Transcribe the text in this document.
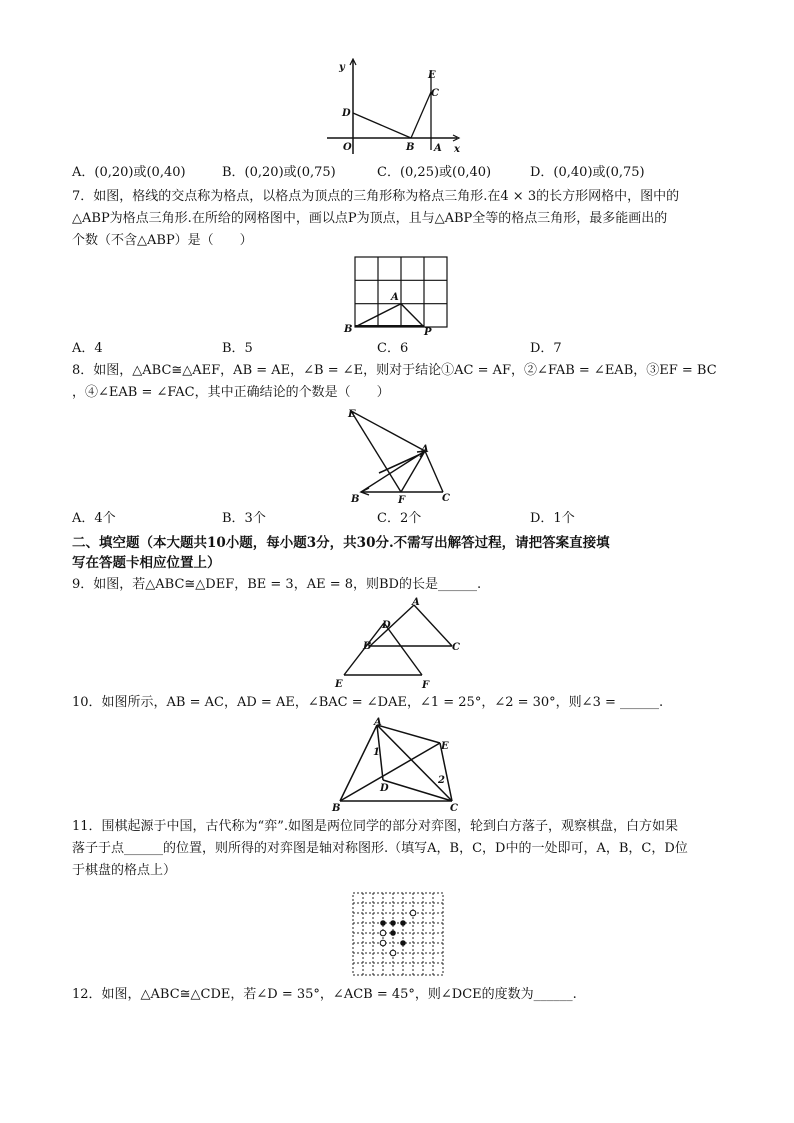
y
x
O	B A
D
E
C
A．(0,20)或(0,40)	B．(0,20)或(0,75)	C．(0,25)或(0,40)	D．(0,40)或(0,75)
7．如图，格线的交点称为格点，以格点为顶点的三角形称为格点三角形.在4 × 3的长方形网格中，图中的
△ABP为格点三角形.在所给的网格图中，画以点P为顶点，且与△ABP全等的格点三角形，最多能画出的
个数（不含△ABP）是（　　）
A
B	P
A．4	B．5	C．6	D．7
8．如图，△ABC≅△AEF，AB = AE，∠B = ∠E，则对于结论①AC = AF，②∠FAB = ∠EAB，③EF = BC
，④∠EAB = ∠FAC，其中正确结论的个数是（　　）
E
A
B	F	C
A．4个	B．3个	C．2个	D．1个
二、填空题（本大题共10小题，每小题3分，共30分.不需写出解答过程，请把答案直接填
写在答题卡相应位置上）
9．如图，若△ABC≅△DEF，BE = 3，AE = 8，则BD的长是______.
A
D
B	C
E	F
10．如图所示，AB = AC，AD = AE，∠BAC = ∠DAE，∠1 = 25°，∠2 = 30°，则∠3 = ______.
A
E
1
2
D
B	C
11．围棋起源于中国，古代称为“弈”.如图是两位同学的部分对弈图，轮到白方落子，观察棋盘，白方如果
落子于点______的位置，则所得的对弈图是轴对称图形.（填写A，B，C，D中的一处即可，A，B，C，D位
于棋盘的格点上）
12．如图，△ABC≅△CDE，若∠D = 35°，∠ACB = 45°，则∠DCE的度数为______.
